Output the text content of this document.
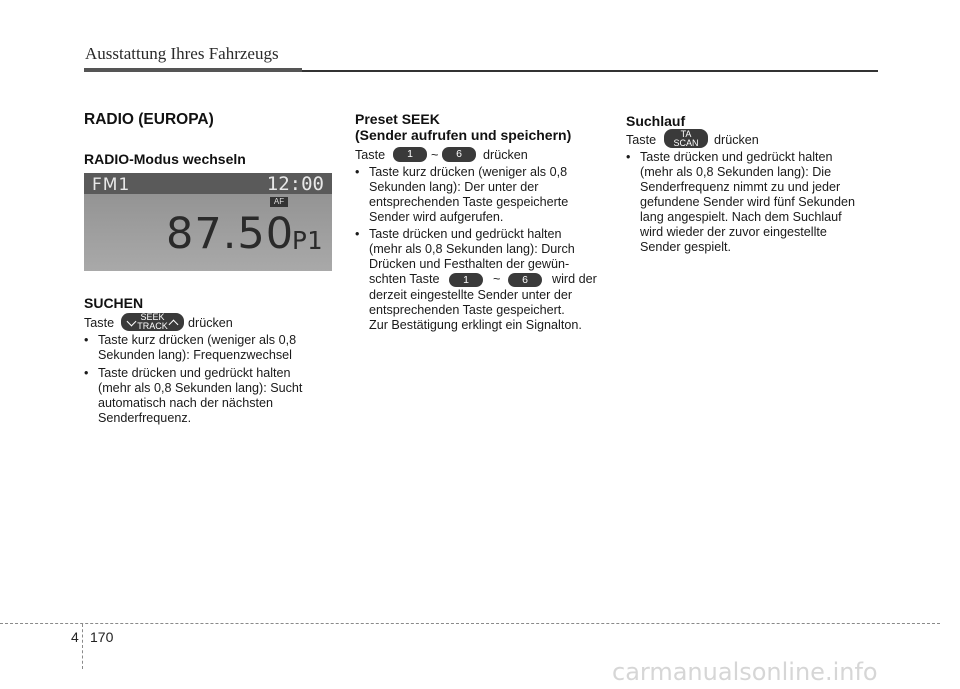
Ausstattung Ihres Fahrzeugs
RADIO (EUROPA)
RADIO-Modus wechseln
FM1	12:00
AF
87.50
P1
SUCHEN
Taste	SEEK
TRACK drücken
• Taste kurz drücken (weniger als 0,8
Sekunden lang): Frequenzwechsel
• Taste drücken und gedrückt halten
(mehr als 0,8 Sekunden lang): Sucht
automatisch nach der nächsten
Senderfrequenz.
Preset SEEK
(Sender aufrufen und speichern)
Taste	1	~	6	drücken
• Taste kurz drücken (weniger als 0,8
Sekunden lang): Der unter der
entsprechenden Taste gespeicherte
Sender wird aufgerufen.
• Taste drücken und gedrückt halten
(mehr als 0,8 Sekunden lang): Durch
Drücken und Festhalten der gewün-
schten Taste	1	~	6	wird der
derzeit eingestellte Sender unter der
entsprechenden Taste gespeichert.
Zur Bestätigung erklingt ein Signalton.
Suchlauf
Taste	TA
SCAN drücken
• Taste drücken und gedrückt halten
(mehr als 0,8 Sekunden lang): Die
Senderfrequenz nimmt zu und jeder
gefundene Sender wird fünf Sekunden
lang angespielt. Nach dem Suchlauf
wird wieder der zuvor eingestellte
Sender gespielt.
4 170
carmanualsonline.info
